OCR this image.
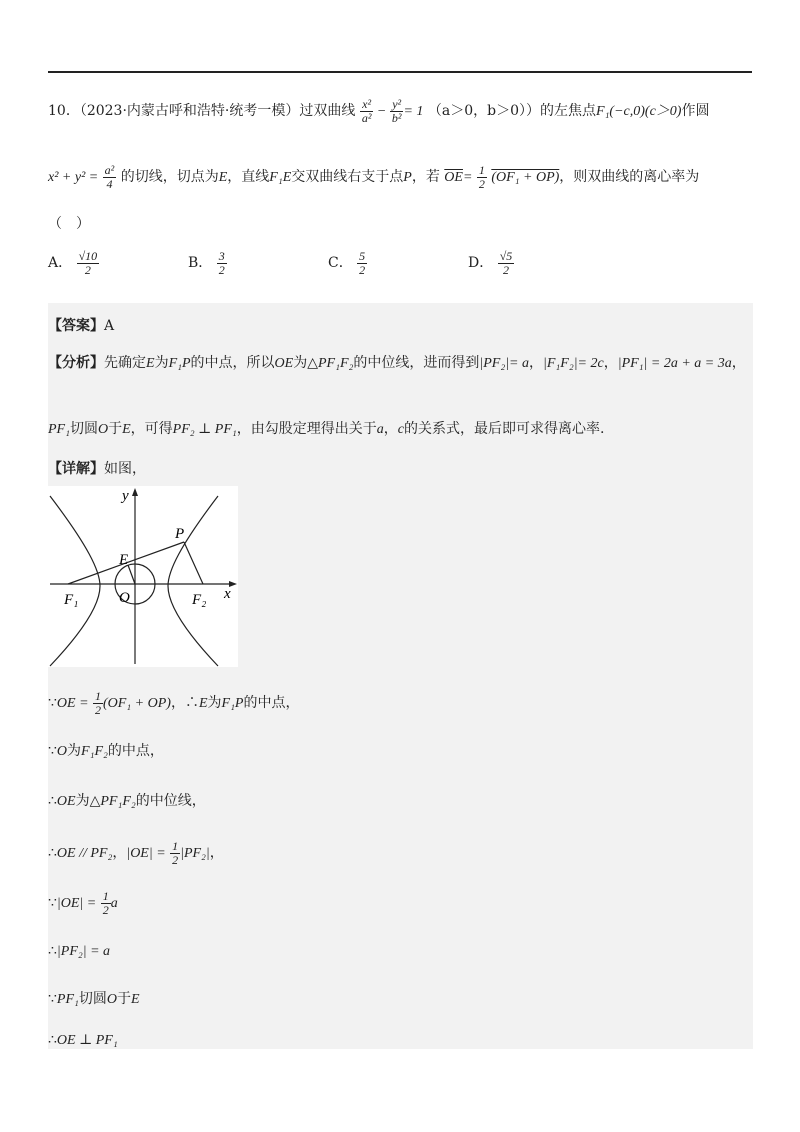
10．（2023·内蒙古呼和浩特·统考一模）过双曲线 $\frac{\text{x²}}{\text{a²}} - \frac{\text{y²}}{\text{b²}} = 1$ （a＞0，b＞0））的左焦点F₁(−c,0)(c＞0)作圆
$x^2 + y^2 = \frac{\text{a²}}{4}$ 的切线，切点为E，直线F₁E交双曲线右支于点P，若 $\overline{OE}= \frac{1}{2} (OF_1 + OP)$，则双曲线的离心率为
（　）
A． $\frac{√10}{2}$	B． $\frac{3}{2}$	C． $\frac{5}{2}$	D． $\frac{√5}{2}$
【答案】A
【分析】先确定E为F₁P的中点，所以OE为△PF₁F₂的中位线，进而得到|PF₂|= a，|F₁F₂|= 2c，|PF₁| = 2a + a = 3a，
PF₁切圆O于E，可得PF₂ ⊥ PF₁，由勾股定理得出关于a，c的关系式，最后即可求得离心率.
【详解】如图，
y
x
P
E
O
F₁	F₂
∵OE = $\frac{1}{2} (OF_1 + OP)$，∴E为F₁P的中点，
∵O为F₁F₂的中点，
∴OE为△PF₁F₂的中位线，
∴OE // PF₂，$|OE| = \frac{1}{2} |PF_2|$，
∵|OE| = $\frac{1}{2}$ a
∴|PF₂| = a
∵PF₁切圆O于E
∴OE ⊥ PF₁
